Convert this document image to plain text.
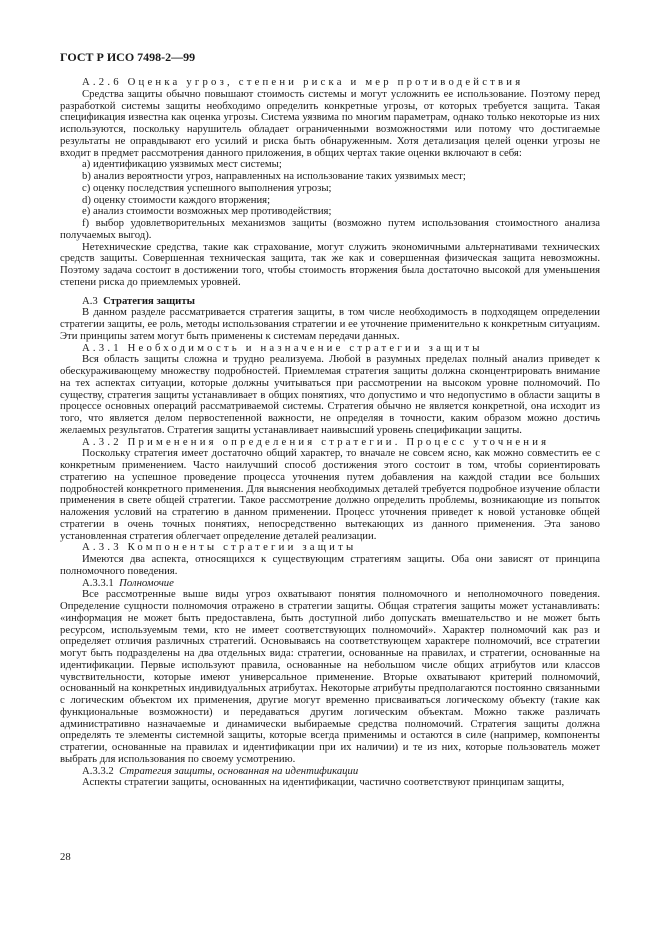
ГОСТ Р ИСО 7498-2—99

А.2.6 Оценка угроз, степени риска и мер противодействия

Средства защиты обычно повышают стоимость системы и могут усложнить ее использование. Поэтому перед разработкой системы защиты необходимо определить конкретные угрозы, от которых требуется защита. Такая спецификация известна как оценка угрозы. Система уязвима по многим параметрам, однако только некоторые из них используются, поскольку нарушитель обладает ограниченными возможностями или потому что достигаемые результаты не оправдывают его усилий и риска быть обнаруженным. Хотя детализация целей оценки угрозы не входит в предмет рассмотрения данного приложения, в общих чертах такие оценки включают в себя:

a) идентификацию уязвимых мест системы;

b) анализ вероятности угроз, направленных на использование таких уязвимых мест;

c) оценку последствия успешного выполнения угрозы;

d) оценку стоимости каждого вторжения;

e) анализ стоимости возможных мер противодействия;

f) выбор удовлетворительных механизмов защиты (возможно путем использования стоимостного анализа получаемых выгод).

Нетехнические средства, такие как страхование, могут служить экономичными альтернативами технических средств защиты. Совершенная техническая защита, так же как и совершенная физическая защита невозможны. Поэтому задача состоит в достижении того, чтобы стоимость вторжения была достаточно высокой для уменьшения степени риска до приемлемых уровней.

А.3 Стратегия защиты

В данном разделе рассматривается стратегия защиты, в том числе необходимость в подходящем определении стратегии защиты, ее роль, методы использования стратегии и ее уточнение применительно к конкретным ситуациям. Эти принципы затем могут быть применены к системам передачи данных.

А.3.1 Необходимость и назначение стратегии защиты

Вся область защиты сложна и трудно реализуема. Любой в разумных пределах полный анализ приведет к обескураживающему множеству подробностей. Приемлемая стратегия защиты должна сконцентрировать внимание на тех аспектах ситуации, которые должны учитываться при рассмотрении на высоком уровне полномочий. По существу, стратегия защиты устанавливает в общих понятиях, что допустимо и что недопустимо в области защиты в процессе основных операций рассматриваемой системы. Стратегия обычно не является конкретной, она исходит из того, что является делом первостепенной важности, не определяя в точности, каким образом можно достичь желаемых результатов. Стратегия защиты устанавливает наивысший уровень спецификации защиты.

А.3.2 Применения определения стратегии. Процесс уточнения

Поскольку стратегия имеет достаточно общий характер, то вначале не совсем ясно, как можно совместить ее с конкретным применением. Часто наилучший способ достижения этого состоит в том, чтобы сориентировать стратегию на успешное проведение процесса уточнения путем добавления на каждой стадии все больших подробностей конкретного применения. Для выяснения необходимых деталей требуется подробное изучение области применения в свете общей стратегии. Такое рассмотрение должно определить проблемы, возникающие из попыток наложения условий на стратегию в данном применении. Процесс уточнения приведет к новой установке общей стратегии в очень точных понятиях, непосредственно вытекающих из данного применения. Эта заново установленная стратегия облегчает определение деталей реализации.

А.3.3 Компоненты стратегии защиты

Имеются два аспекта, относящихся к существующим стратегиям защиты. Оба они зависят от принципа полномочного поведения.

А.3.3.1 Полномочие

Все рассмотренные выше виды угроз охватывают понятия полномочного и неполномочного поведения. Определение сущности полномочия отражено в стратегии защиты. Общая стратегия защиты может устанавливать: «информация не может быть предоставлена, быть доступной либо допускать вмешательство и не может быть ресурсом, используемым теми, кто не имеет соответствующих полномочий». Характер полномочий как раз и определяет отличия различных стратегий. Основываясь на соответствующем характере полномочий, все стратегии могут быть подразделены на два отдельных вида: стратегии, основанные на правилах, и стратегии, основанные на идентификации. Первые используют правила, основанные на небольшом числе общих атрибутов или классов чувствительности, которые имеют универсальное применение. Вторые охватывают критерий полномочий, основанный на конкретных индивидуальных атрибутах. Некоторые атрибуты предполагаются постоянно связанными с логическим объектом их применения, другие могут временно присваиваться логическому объекту (такие как функциональные возможности) и передаваться другим логическим объектам. Можно также различать административно назначаемые и динамически выбираемые средства полномочий. Стратегия защиты должна определять те элементы системной защиты, которые всегда применимы и остаются в силе (например, компоненты стратегии, основанные на правилах и идентификации при их наличии) и те из них, которые пользователь может выбрать для использования по своему усмотрению.

А.3.3.2 Стратегия защиты, основанная на идентификации

Аспекты стратегии защиты, основанных на идентификации, частично соответствуют принципам защиты,

28
